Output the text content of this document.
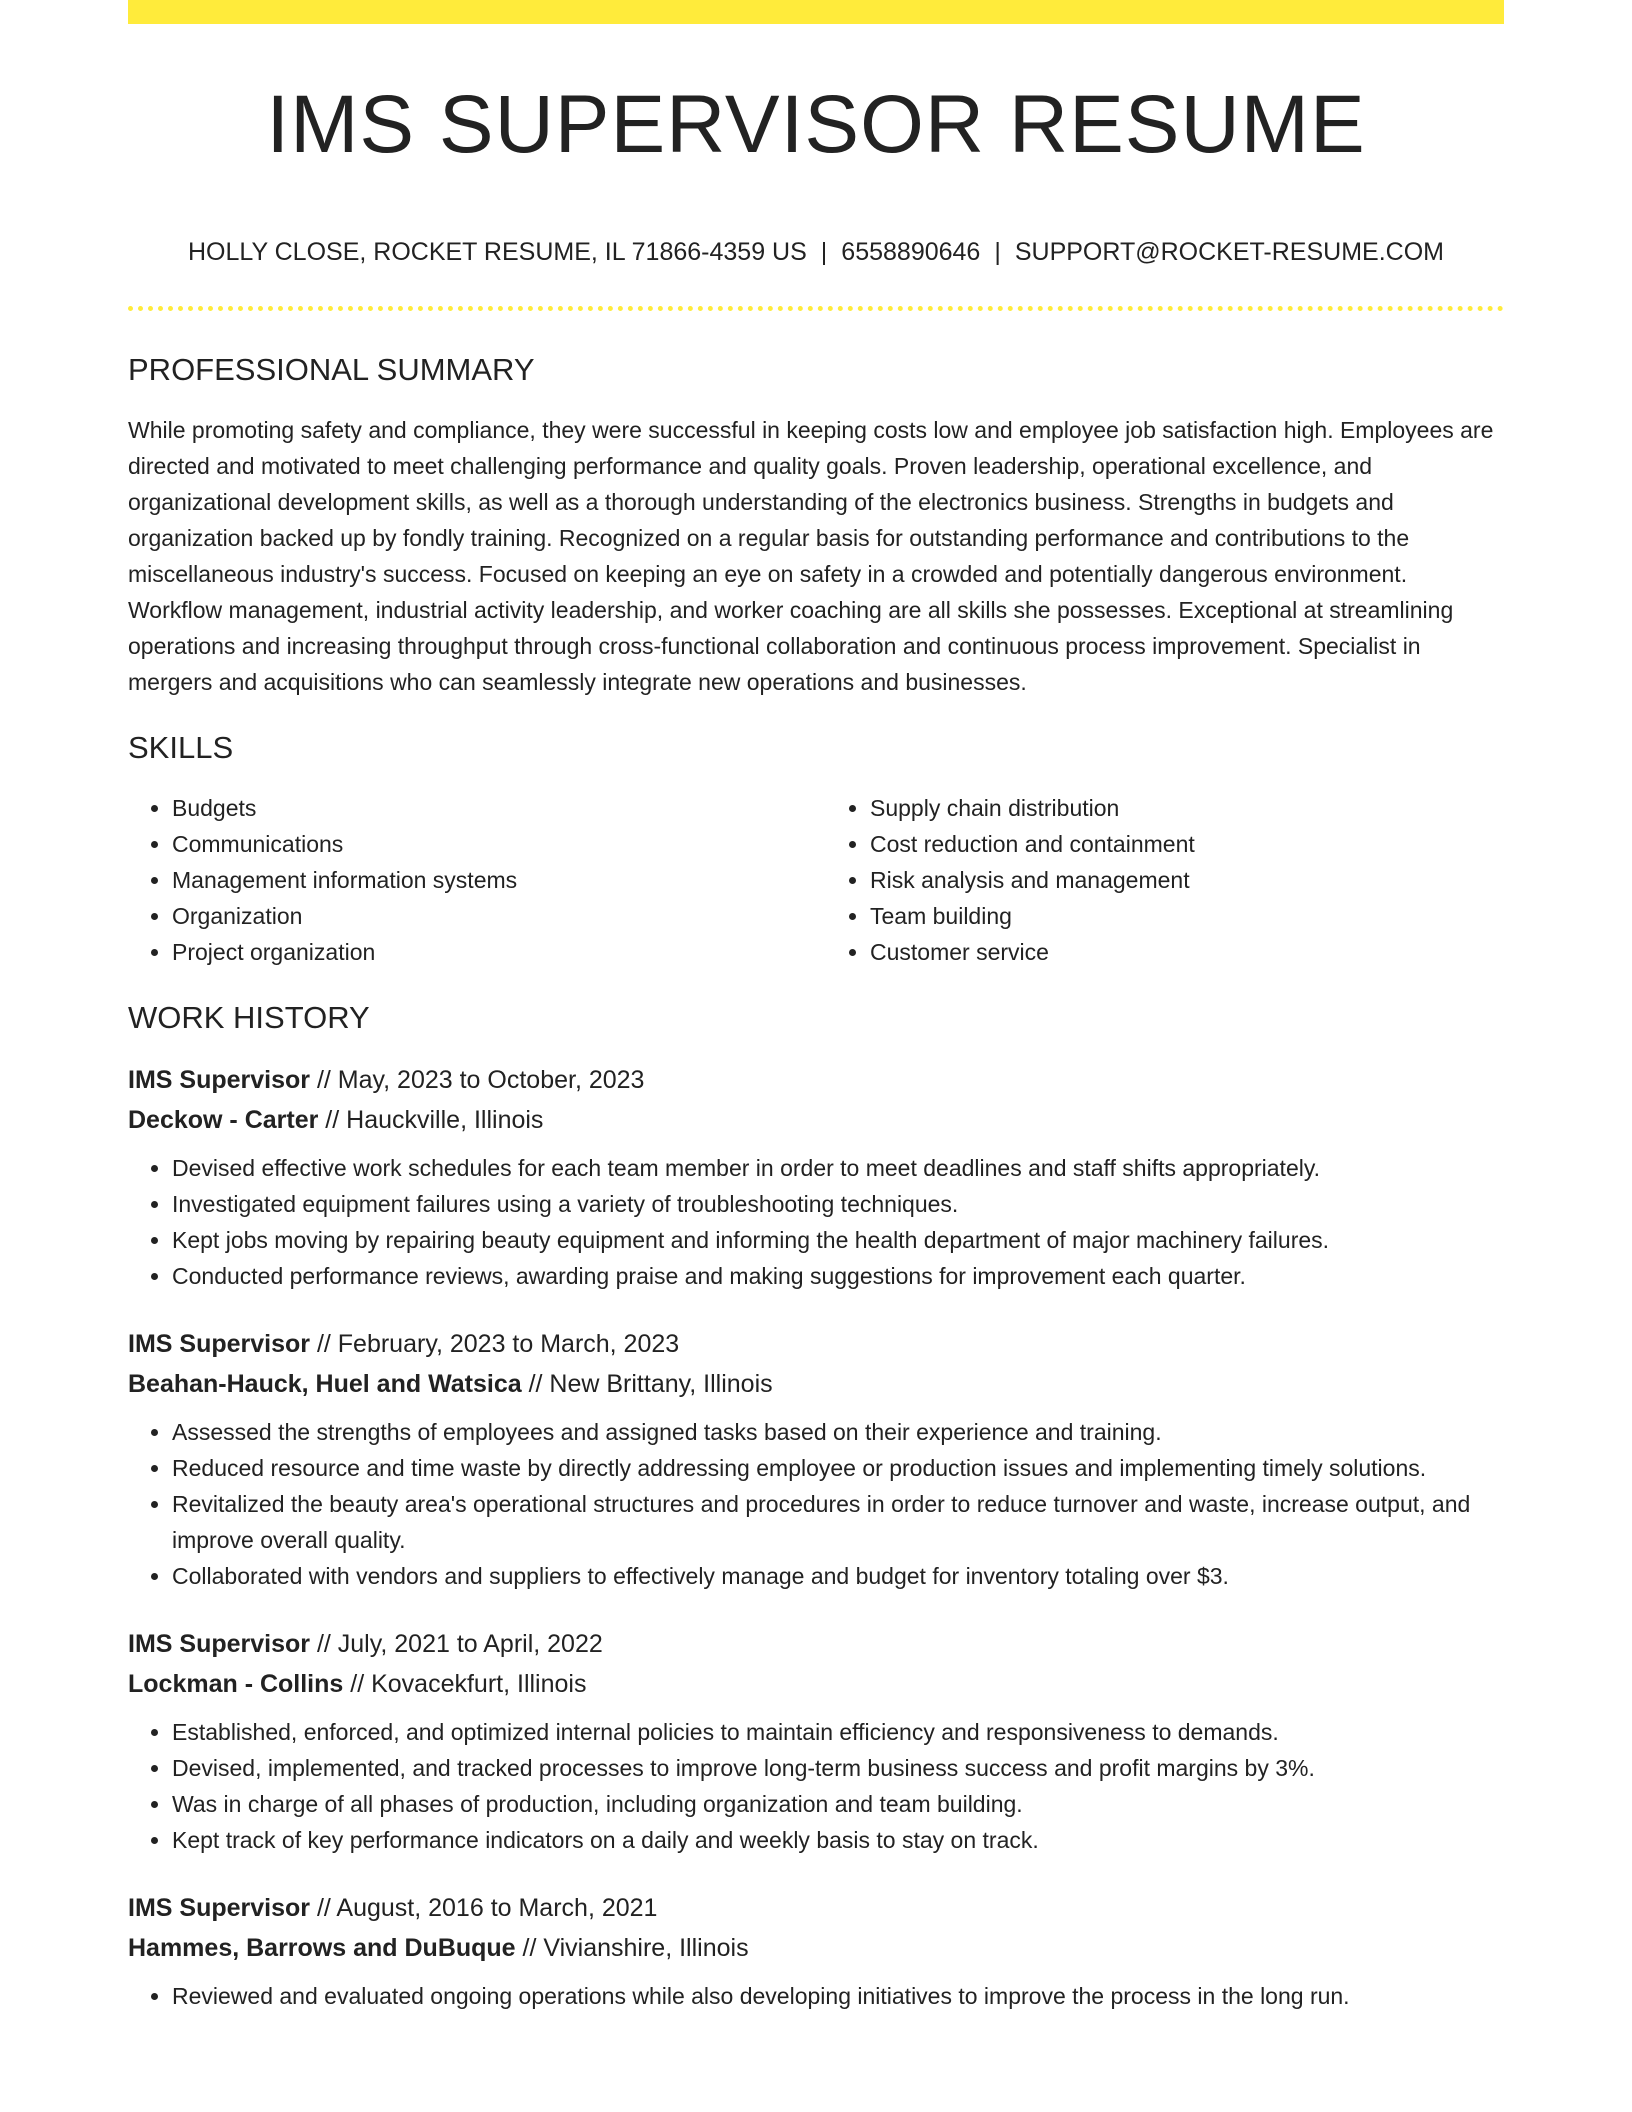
IMS SUPERVISOR RESUME
HOLLY CLOSE, ROCKET RESUME, IL 71866-4359 US | 6558890646 | SUPPORT@ROCKET-RESUME.COM
PROFESSIONAL SUMMARY

While promoting safety and compliance, they were successful in keeping costs low and employee job satisfaction high. Employees are directed and motivated to meet challenging performance and quality goals. Proven leadership, operational excellence, and organizational development skills, as well as a thorough understanding of the electronics business. Strengths in budgets and organization backed up by fondly training. Recognized on a regular basis for outstanding performance and contributions to the miscellaneous industry's success. Focused on keeping an eye on safety in a crowded and potentially dangerous environment. Workflow management, industrial activity leadership, and worker coaching are all skills she possesses. Exceptional at streamlining operations and increasing throughput through cross-functional collaboration and continuous process improvement. Specialist in mergers and acquisitions who can seamlessly integrate new operations and businesses.

SKILLS
• Budgets
• Communications
• Management information systems
• Organization
• Project organization
• Supply chain distribution
• Cost reduction and containment
• Risk analysis and management
• Team building
• Customer service
WORK HISTORY
IMS Supervisor // May, 2023 to October, 2023
Deckow - Carter // Hauckville, Illinois
• Devised effective work schedules for each team member in order to meet deadlines and staff shifts appropriately.
• Investigated equipment failures using a variety of troubleshooting techniques.
• Kept jobs moving by repairing beauty equipment and informing the health department of major machinery failures.
• Conducted performance reviews, awarding praise and making suggestions for improvement each quarter.
IMS Supervisor // February, 2023 to March, 2023
Beahan-Hauck, Huel and Watsica // New Brittany, Illinois
• Assessed the strengths of employees and assigned tasks based on their experience and training.
• Reduced resource and time waste by directly addressing employee or production issues and implementing timely solutions.
• Revitalized the beauty area's operational structures and procedures in order to reduce turnover and waste, increase output, and improve overall quality.
• Collaborated with vendors and suppliers to effectively manage and budget for inventory totaling over $3.
IMS Supervisor // July, 2021 to April, 2022
Lockman - Collins // Kovacekfurt, Illinois
• Established, enforced, and optimized internal policies to maintain efficiency and responsiveness to demands.
• Devised, implemented, and tracked processes to improve long-term business success and profit margins by 3%.
• Was in charge of all phases of production, including organization and team building.
• Kept track of key performance indicators on a daily and weekly basis to stay on track.
IMS Supervisor // August, 2016 to March, 2021
Hammes, Barrows and DuBuque // Vivianshire, Illinois
• Reviewed and evaluated ongoing operations while also developing initiatives to improve the process in the long run.
